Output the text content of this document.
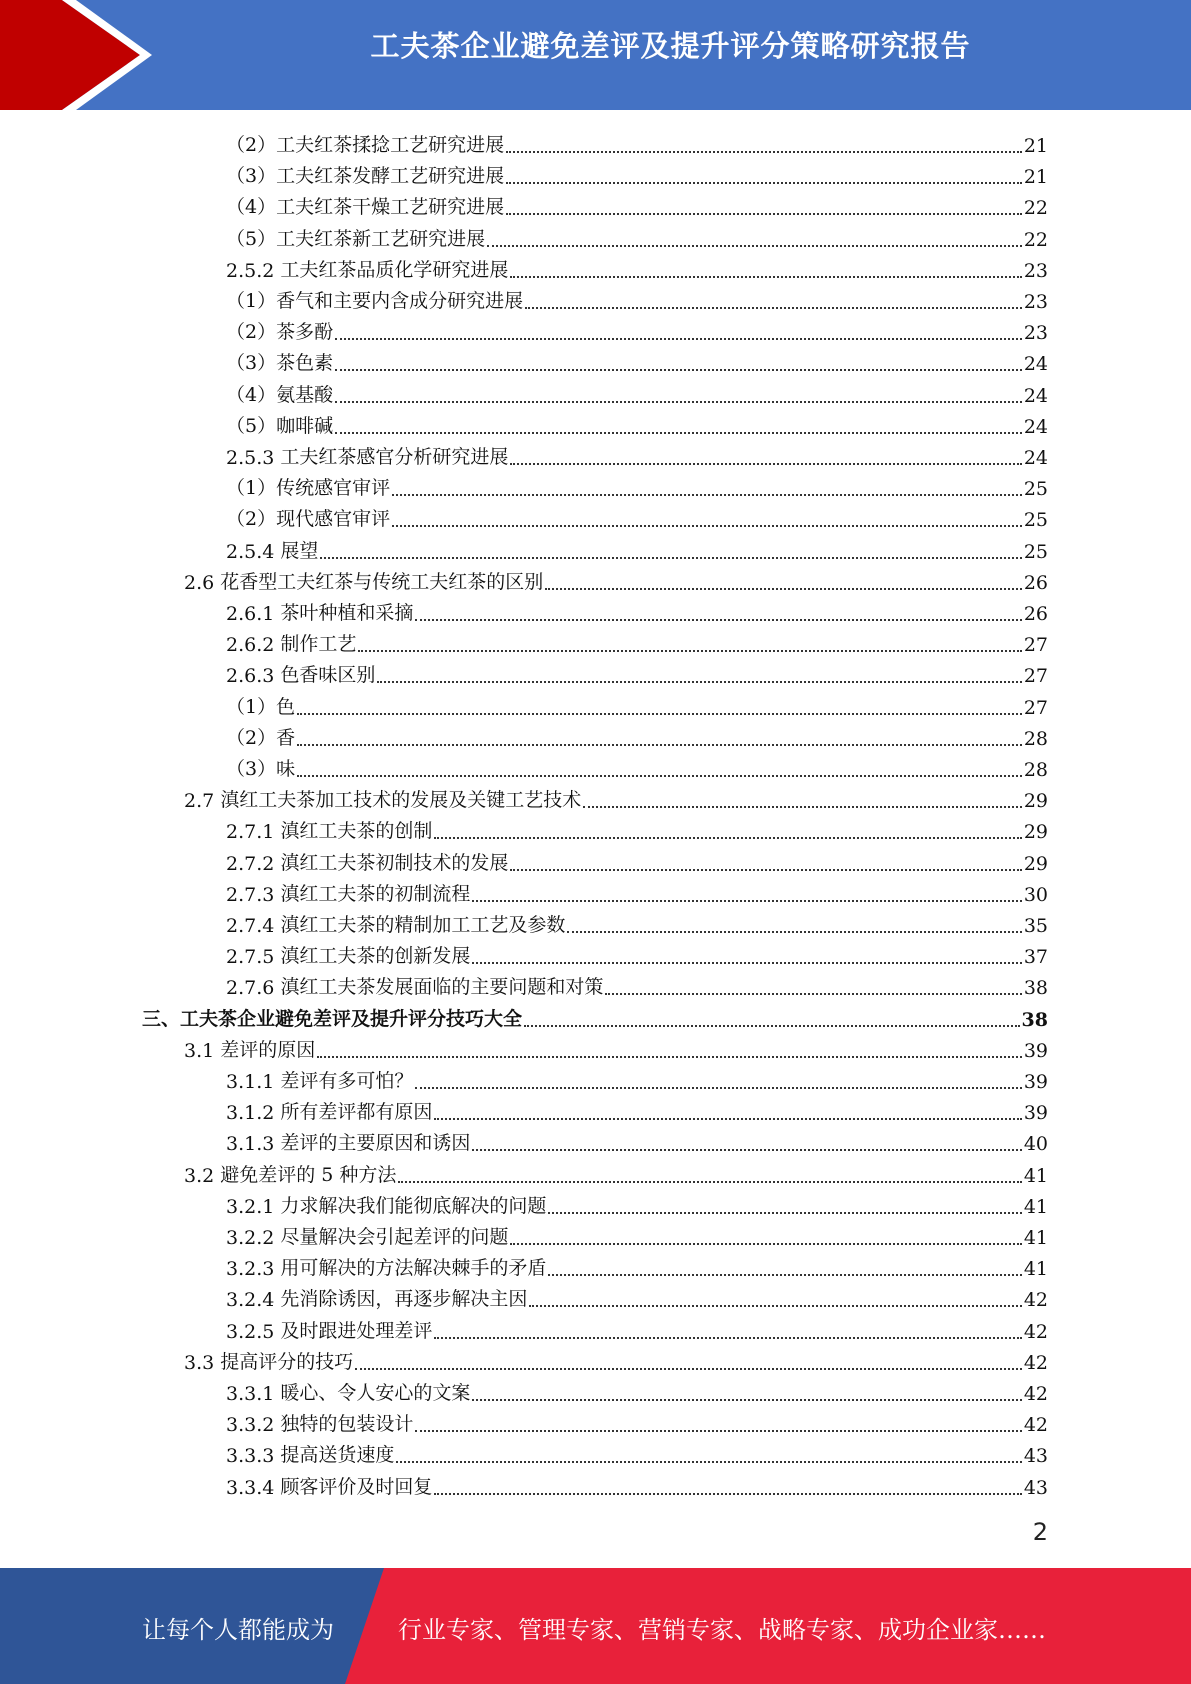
工夫茶企业避免差评及提升评分策略研究报告
（2） 工夫红茶揉捻工艺研究进展	21
（3） 工夫红茶发酵工艺研究进展	21
（4） 工夫红茶干燥工艺研究进展	22
（5） 工夫红茶新工艺研究进展	22
2.5.2 工夫红茶品质化学研究进展	23
（1） 香气和主要内含成分研究进展	23
（2） 茶多酚	23
（3） 茶色素	24
（4） 氨基酸	24
（5） 咖啡碱	24
2.5.3 工夫红茶感官分析研究进展	24
（1） 传统感官审评	25
（2） 现代感官审评	25
2.5.4 展望	25
2.6 花香型工夫红茶与传统工夫红茶的区别	26
2.6.1 茶叶种植和采摘	26
2.6.2 制作工艺	27
2.6.3 色香味区别	27
（1） 色	27
（2） 香	28
（3） 味	28
2.7 滇红工夫茶加工技术的发展及关键工艺技术	29
2.7.1 滇红工夫茶的创制	29
2.7.2 滇红工夫茶初制技术的发展	29
2.7.3 滇红工夫茶的初制流程	30
2.7.4 滇红工夫茶的精制加工工艺及参数	35
2.7.5 滇红工夫茶的创新发展	37
2.7.6 滇红工夫茶发展面临的主要问题和对策	38
三、 工夫茶企业避免差评及提升评分技巧大全	38
3.1 差评的原因	39
3.1.1 差评有多可怕？	39
3.1.2 所有差评都有原因	39
3.1.3 差评的主要原因和诱因	40
3.2 避免差评的 5 种方法	41
3.2.1 力求解决我们能彻底解决的问题	41
3.2.2 尽量解决会引起差评的问题	41
3.2.3 用可解决的方法解决棘手的矛盾	41
3.2.4 先消除诱因，再逐步解决主因	42
3.2.5 及时跟进处理差评	42
3.3 提高评分的技巧	42
3.3.1 暖心、令人安心的文案	42
3.3.2 独特的包装设计	42
3.3.3 提高送货速度	43
3.3.4 顾客评价及时回复	43
2
让每个人都能成为	行业专家、管理专家、营销专家、战略专家、成功企业家……
